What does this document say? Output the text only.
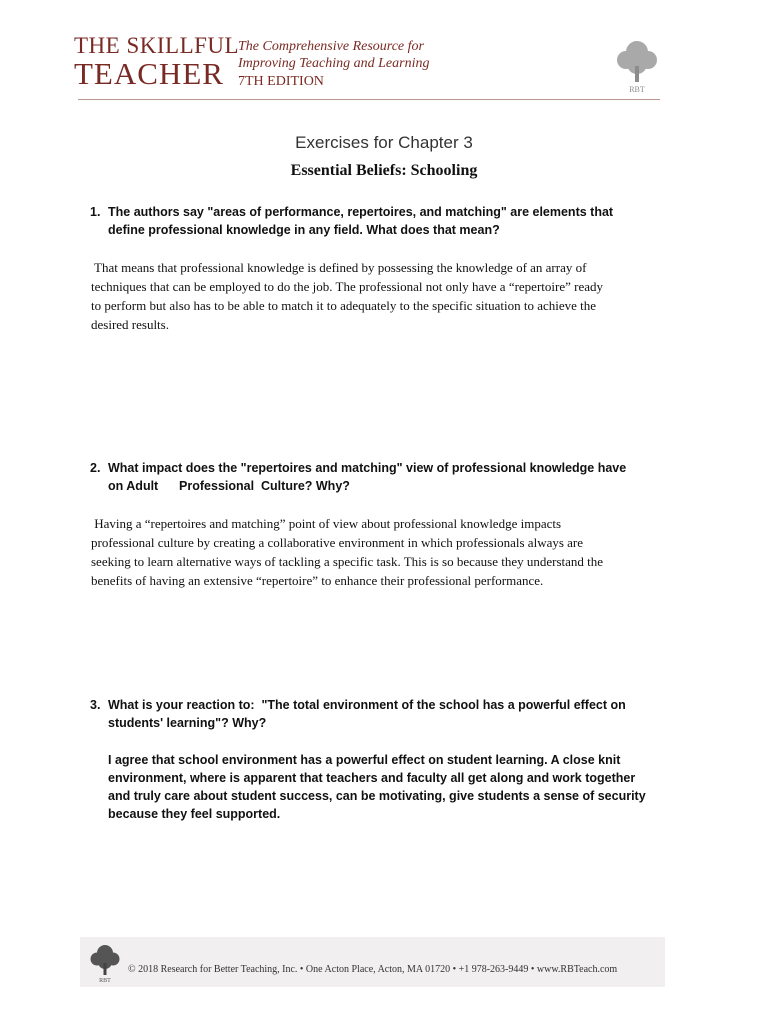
THE SKILLFUL
TEACHER
The Comprehensive Resource for
Improving Teaching and Learning
7TH EDITION
RBT
Exercises for Chapter 3
Essential Beliefs: Schooling
1. The authors say "areas of performance, repertoires, and matching" are elements that
define professional knowledge in any field. What does that mean?
That means that professional knowledge is defined by possessing the knowledge of an array of
techniques that can be employed to do the job. The professional not only have a “repertoire” ready
to perform but also has to be able to match it to adequately to the specific situation to achieve the
desired results.
2. What impact does the "repertoires and matching" view of professional knowledge have
on Adult      Professional  Culture? Why?
Having a “repertoires and matching” point of view about professional knowledge impacts
professional culture by creating a collaborative environment in which professionals always are
seeking to learn alternative ways of tackling a specific task. This is so because they understand the
benefits of having an extensive “repertoire” to enhance their professional performance.
3. What is your reaction to:  "The total environment of the school has a powerful effect on
students' learning"? Why?
I agree that school environment has a powerful effect on student learning. A close knit
environment, where is apparent that teachers and faculty all get along and work together
and truly care about student success, can be motivating, give students a sense of security
because they feel supported.
RBT
© 2018 Research for Better Teaching, Inc. • One Acton Place, Acton, MA 01720 • +1 978-263-9449 • www.RBTeach.com
